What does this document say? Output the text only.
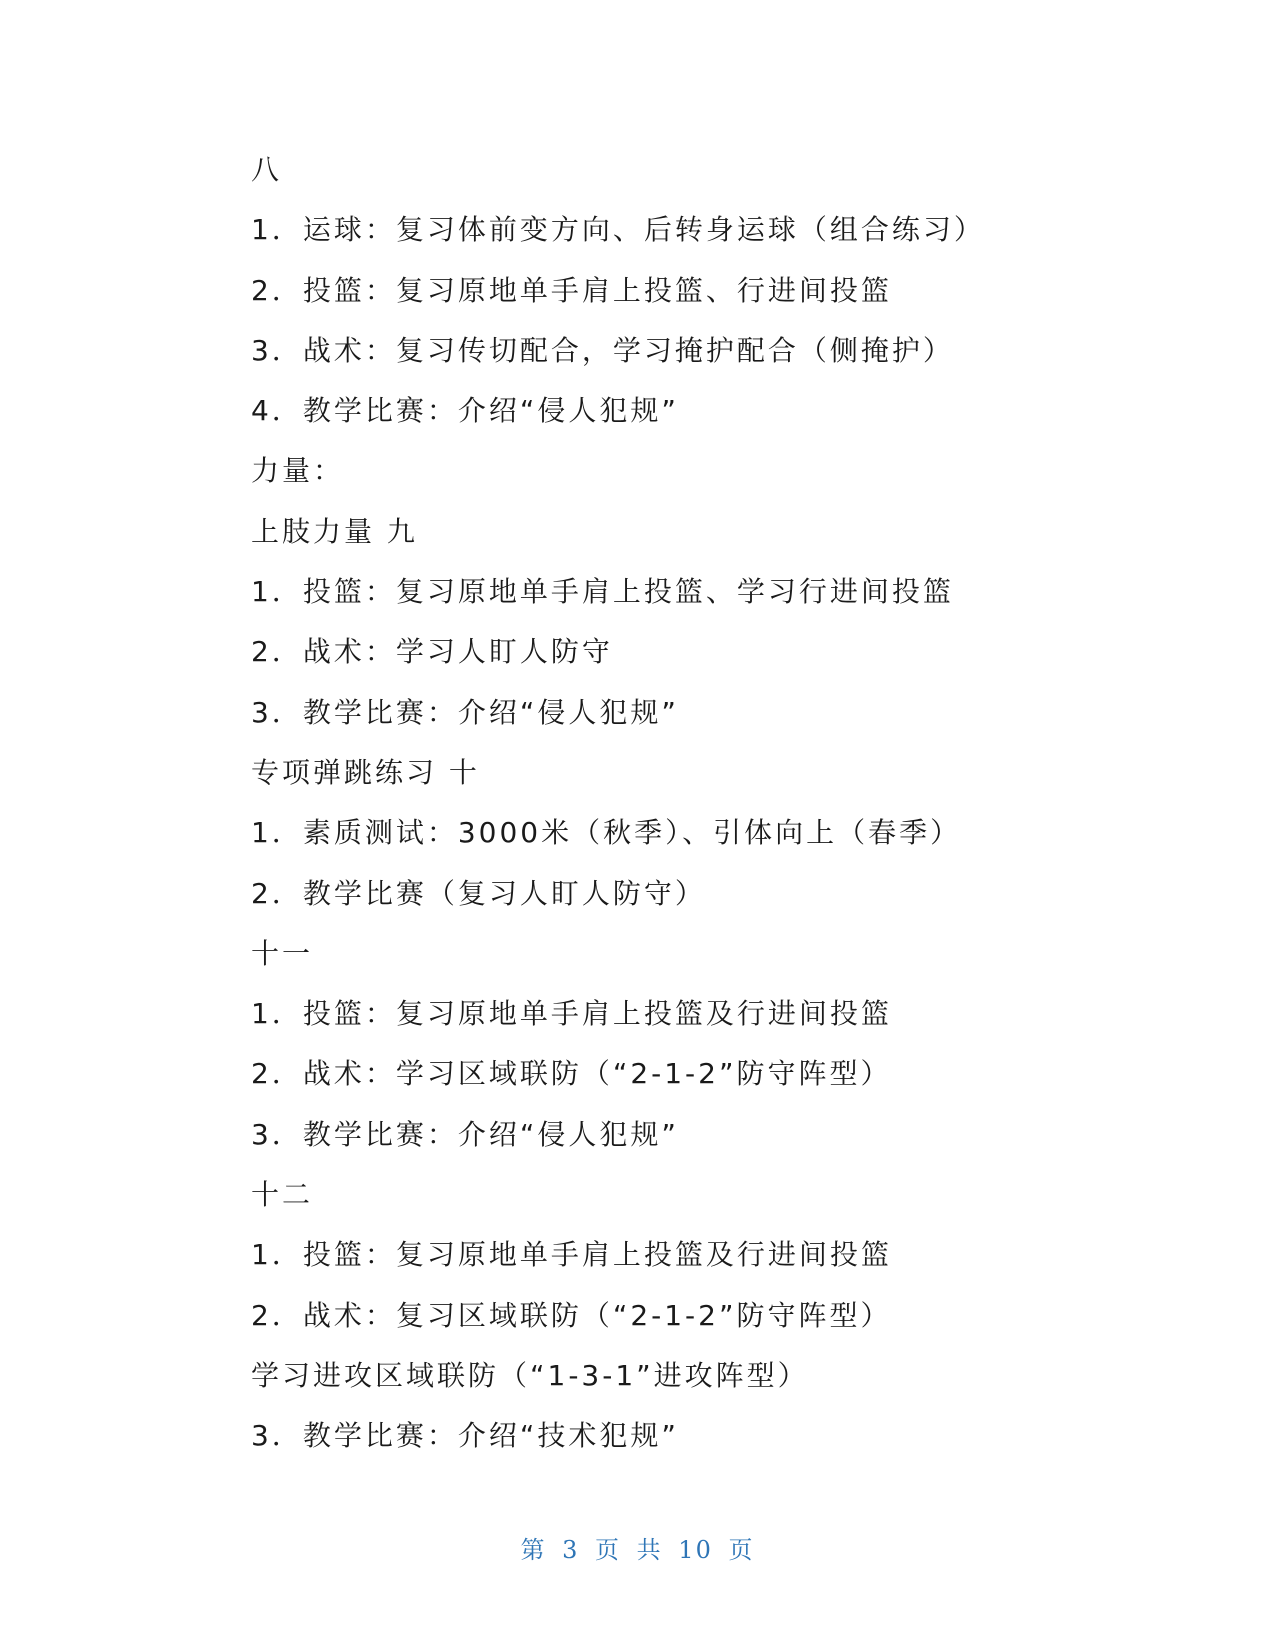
八
1．运球：复习体前变方向、后转身运球（组合练习）
2．投篮：复习原地单手肩上投篮、行进间投篮
3．战术：复习传切配合，学习掩护配合（侧掩护）
4．教学比赛：介绍“侵人犯规”
力量：
上肢力量 九
1．投篮：复习原地单手肩上投篮、学习行进间投篮
2．战术：学习人盯人防守
3．教学比赛：介绍“侵人犯规”
专项弹跳练习 十
1．素质测试：3000米（秋季）、引体向上（春季）
2．教学比赛（复习人盯人防守）
十一
1．投篮：复习原地单手肩上投篮及行进间投篮
2．战术：学习区域联防（“2-1-2”防守阵型）
3．教学比赛：介绍“侵人犯规”
十二
1．投篮：复习原地单手肩上投篮及行进间投篮
2．战术：复习区域联防（“2-1-2”防守阵型）
学习进攻区域联防（“1-3-1”进攻阵型）
3．教学比赛：介绍“技术犯规”
第 3 页 共 10 页
